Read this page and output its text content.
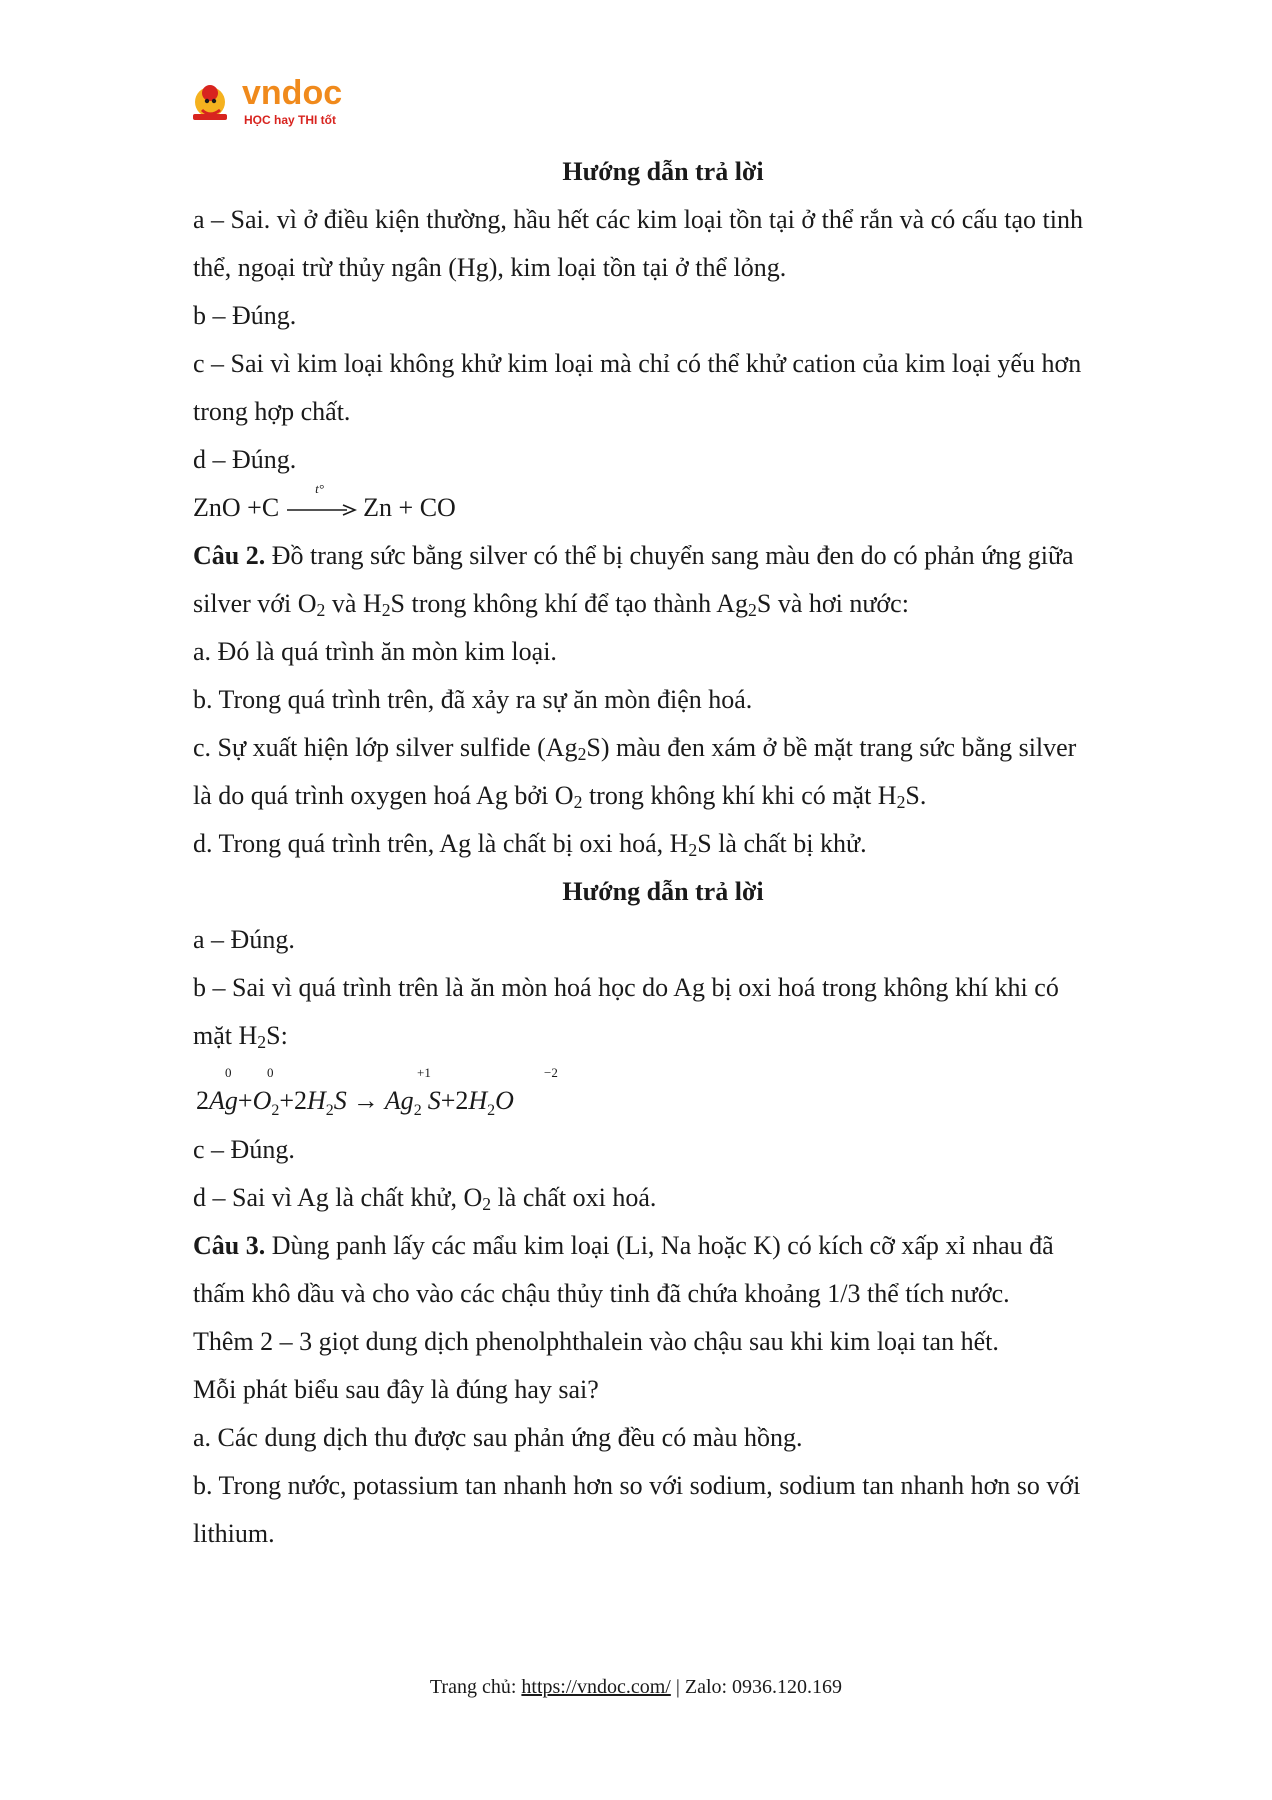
vndoc
HỌC hay THI tốt
Hướng dẫn trả lời
a – Sai. vì ở điều kiện thường, hầu hết các kim loại tồn tại ở thể rắn và có cấu tạo tinh
thể, ngoại trừ thủy ngân (Hg), kim loại tồn tại ở thể lỏng.
b – Đúng.
c – Sai vì kim loại không khử kim loại mà chỉ có thể khử cation của kim loại yếu hơn
trong hợp chất.
d – Đúng.
ZnO +C
t°
Zn + CO
Câu 2. Đồ trang sức bằng silver có thể bị chuyển sang màu đen do có phản ứng giữa
silver với $O_2$ và $H_2S$ trong không khí để tạo thành $Ag_2S$ và hơi nước:
a. Đó là quá trình ăn mòn kim loại.
b. Trong quá trình trên, đã xảy ra sự ăn mòn điện hoá.
c. Sự xuất hiện lớp silver sulfide $(Ag_2S)$ màu đen xám ở bề mặt trang sức bằng silver
là do quá trình oxygen hoá Ag bởi $O_2$ trong không khí khi có mặt $H_2S$.
d. Trong quá trình trên, Ag là chất bị oxi hoá, $H_2S$ là chất bị khử.
Hướng dẫn trả lời
a – Đúng.
b – Sai vì quá trình trên là ăn mòn hoá học do Ag bị oxi hoá trong không khí khi có
mặt $H_2S$:
0	0	+1	−2
$2Ag+O_2+2H_2S \to Ag_2$ $S+2H_2O$
c – Đúng.
d – Sai vì Ag là chất khử, $O_2$ là chất oxi hoá.
Câu 3. Dùng panh lấy các mẩu kim loại (Li, Na hoặc K) có kích cỡ xấp xỉ nhau đã
thấm khô dầu và cho vào các chậu thủy tinh đã chứa khoảng 1/3 thể tích nước.
Thêm 2 – 3 giọt dung dịch phenolphthalein vào chậu sau khi kim loại tan hết.
Mỗi phát biểu sau đây là đúng hay sai?
a. Các dung dịch thu được sau phản ứng đều có màu hồng.
b. Trong nước, potassium tan nhanh hơn so với sodium, sodium tan nhanh hơn so với
lithium.
Trang chủ: https://vndoc.com/ | Zalo: 0936.120.169
